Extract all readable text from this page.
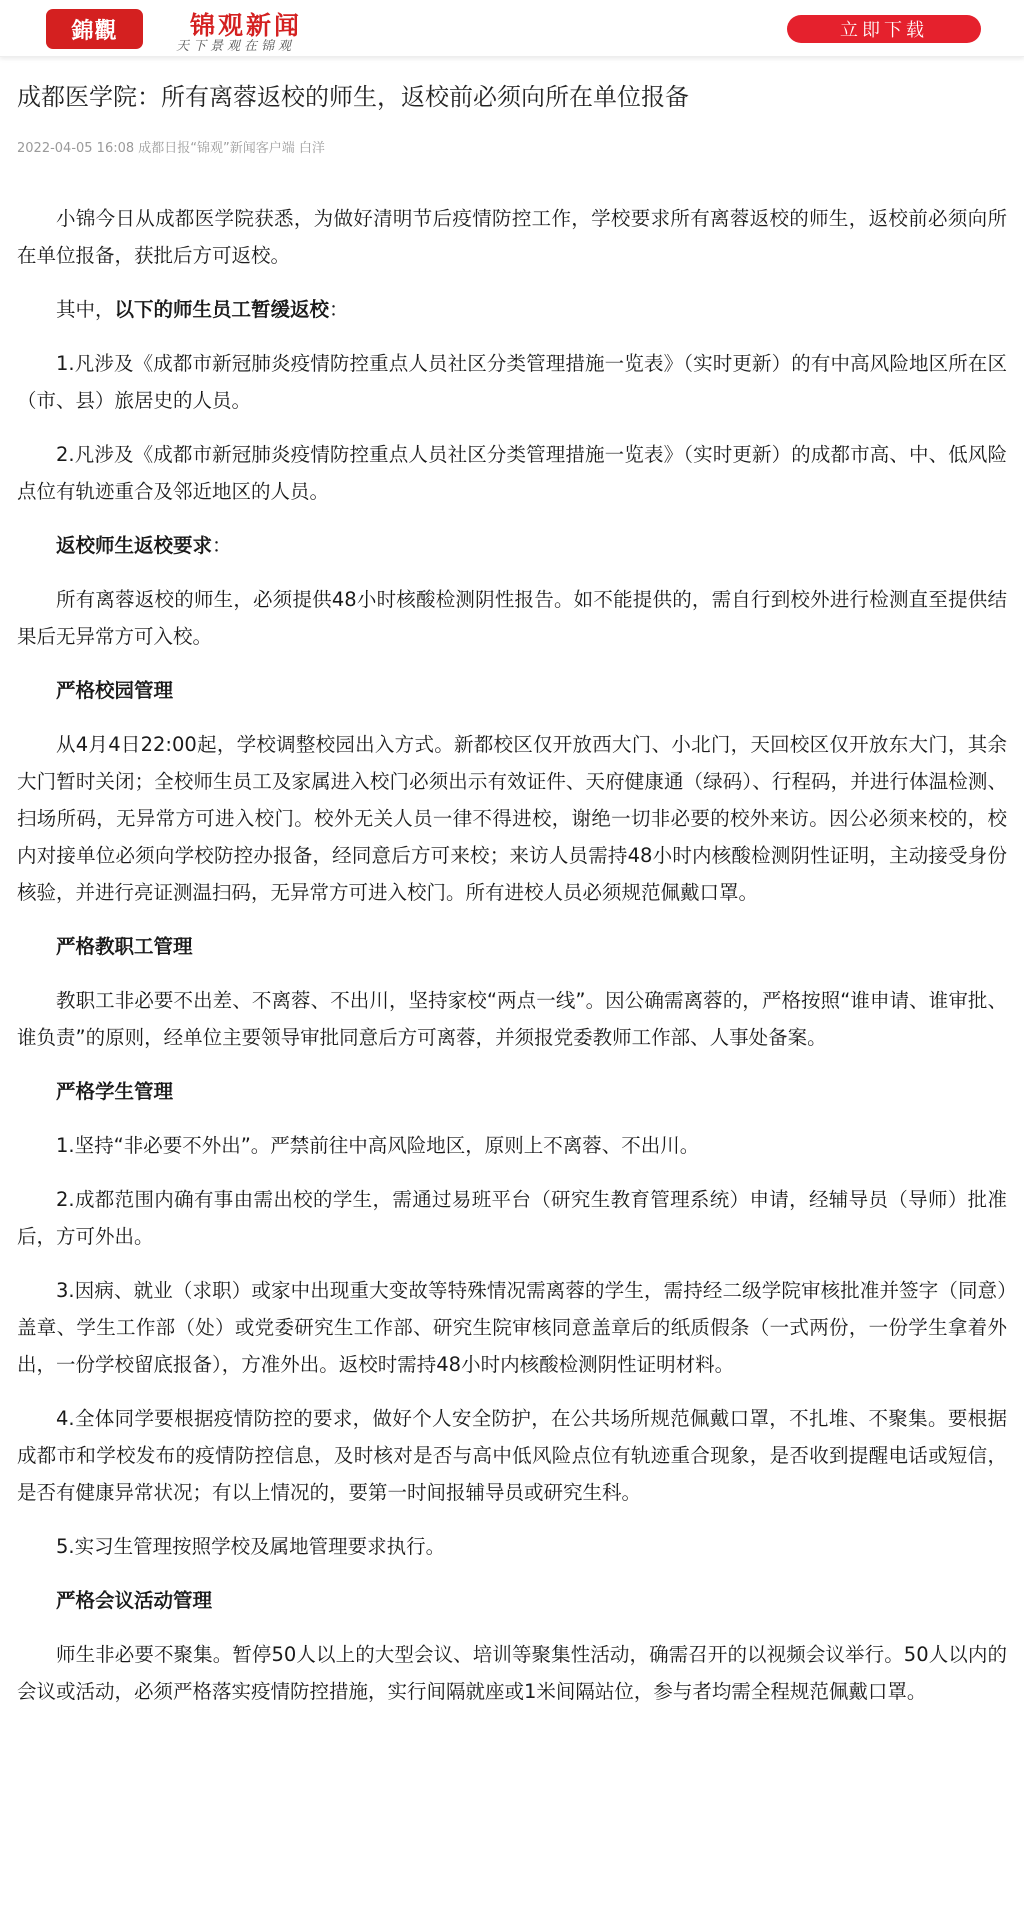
錦觀	锦观新闻
天下景观在锦观
立即下载
成都医学院：所有离蓉返校的师生，返校前必须向所在单位报备
2022-04-05 16:08 成都日报“锦观”新闻客户端 白洋

小锦今日从成都医学院获悉，为做好清明节后疫情防控工作，学校要求所有离蓉返校的师生，返校前必须向所在单位报备，获批后方可返校。

其中，以下的师生员工暂缓返校：

1.凡涉及《成都市新冠肺炎疫情防控重点人员社区分类管理措施一览表》（实时更新）的有中高风险地区所在区（市、县）旅居史的人员。

2.凡涉及《成都市新冠肺炎疫情防控重点人员社区分类管理措施一览表》（实时更新）的成都市高、中、低风险点位有轨迹重合及邻近地区的人员。

返校师生返校要求：

所有离蓉返校的师生，必须提供48小时核酸检测阴性报告。如不能提供的，需自行到校外进行检测直至提供结果后无异常方可入校。

严格校园管理

从4月4日22:00起，学校调整校园出入方式。新都校区仅开放西大门、小北门，天回校区仅开放东大门，其余大门暂时关闭；全校师生员工及家属进入校门必须出示有效证件、天府健康通（绿码）、行程码，并进行体温检测、扫场所码，无异常方可进入校门。校外无关人员一律不得进校，谢绝一切非必要的校外来访。因公必须来校的，校内对接单位必须向学校防控办报备，经同意后方可来校；来访人员需持48小时内核酸检测阴性证明，主动接受身份核验，并进行亮证测温扫码，无异常方可进入校门。所有进校人员必须规范佩戴口罩。

严格教职工管理

教职工非必要不出差、不离蓉、不出川，坚持家校“两点一线”。因公确需离蓉的，严格按照“谁申请、谁审批、谁负责”的原则，经单位主要领导审批同意后方可离蓉，并须报党委教师工作部、人事处备案。

严格学生管理

1.坚持“非必要不外出”。严禁前往中高风险地区，原则上不离蓉、不出川。

2.成都范围内确有事由需出校的学生，需通过易班平台（研究生教育管理系统）申请，经辅导员（导师）批准后，方可外出。

3.因病、就业（求职）或家中出现重大变故等特殊情况需离蓉的学生，需持经二级学院审核批准并签字（同意）盖章、学生工作部（处）或党委研究生工作部、研究生院审核同意盖章后的纸质假条（一式两份，一份学生拿着外出，一份学校留底报备），方准外出。返校时需持48小时内核酸检测阴性证明材料。

4.全体同学要根据疫情防控的要求，做好个人安全防护，在公共场所规范佩戴口罩，不扎堆、不聚集。要根据成都市和学校发布的疫情防控信息，及时核对是否与高中低风险点位有轨迹重合现象，是否收到提醒电话或短信，是否有健康异常状况；有以上情况的，要第一时间报辅导员或研究生科。

5.实习生管理按照学校及属地管理要求执行。

严格会议活动管理

师生非必要不聚集。暂停50人以上的大型会议、培训等聚集性活动，确需召开的以视频会议举行。50人以内的会议或活动，必须严格落实疫情防控措施，实行间隔就座或1米间隔站位，参与者均需全程规范佩戴口罩。
